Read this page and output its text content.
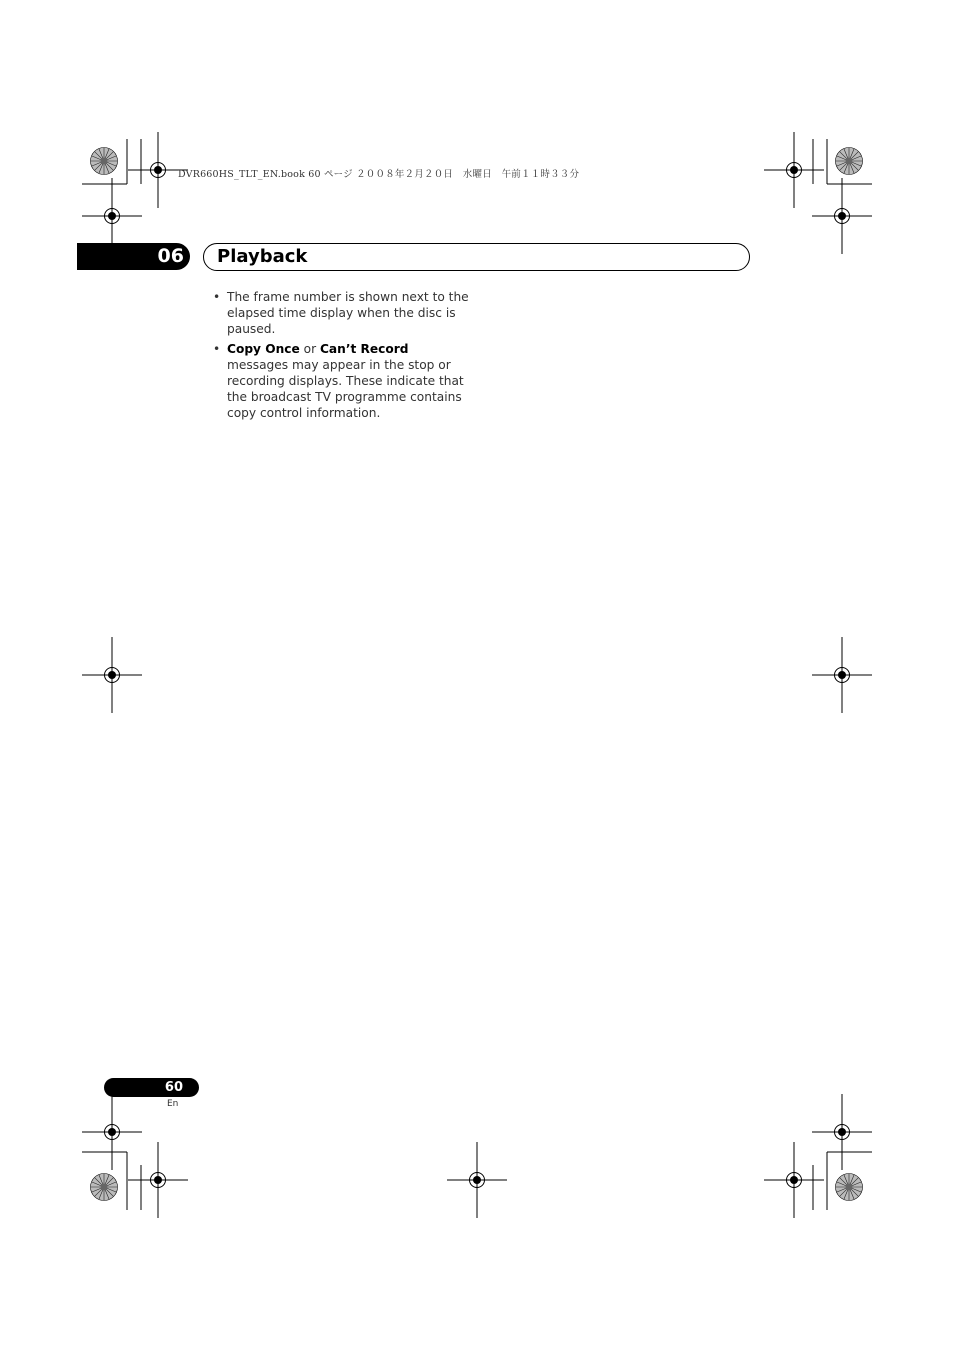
DVR660HS_TLT_EN.book 60 ページ ２００８年２月２０日　水曜日　午前１１時３３分
06 Playback
• The frame number is shown next to the elapsed time display when the disc is paused.
• Copy Once or Can’t Record messages may appear in the stop or recording displays. These indicate that the broadcast TV programme contains copy control information.
60
En
